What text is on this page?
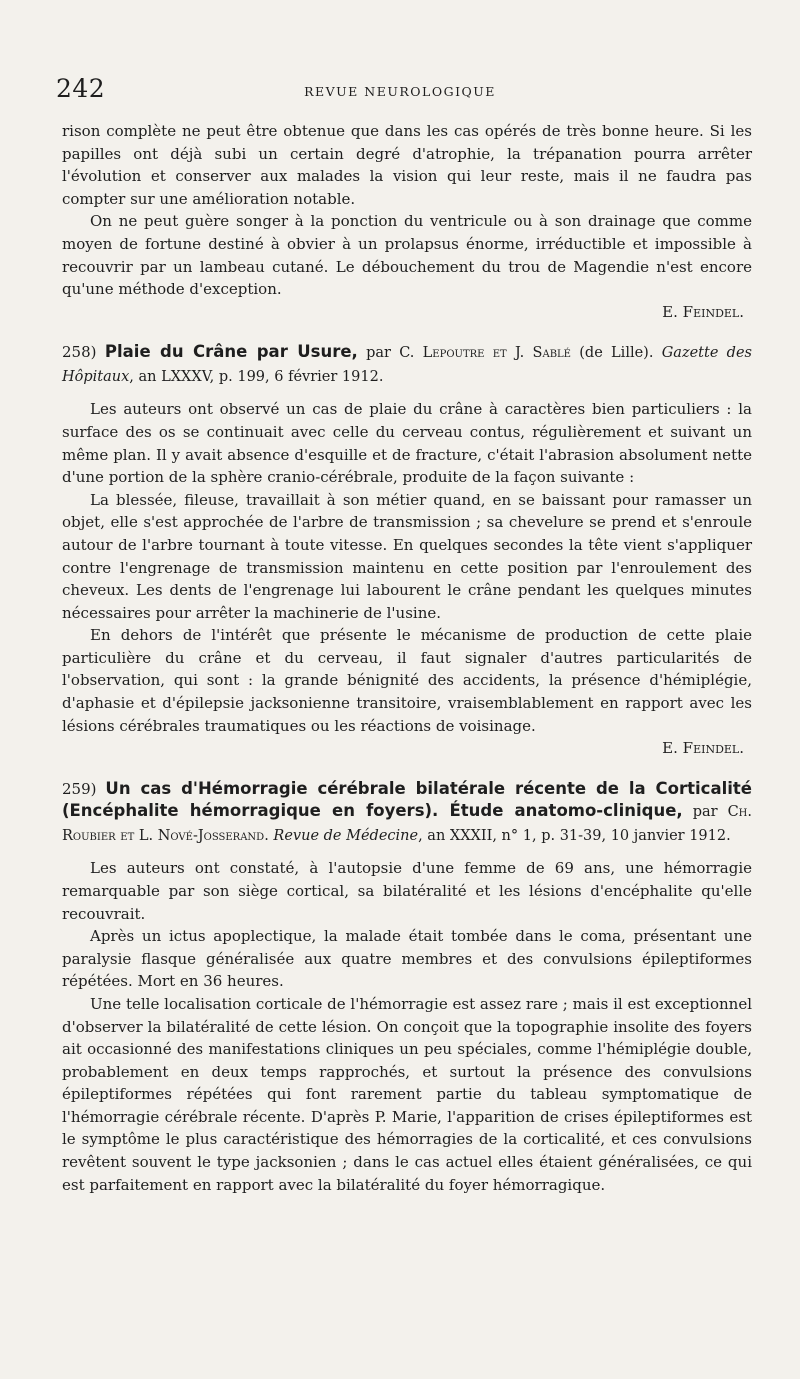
242	REVUE NEUROLOGIQUE

rison complète ne peut être obtenue que dans les cas opérés de très bonne heure. Si les papilles ont déjà subi un certain degré d'atrophie, la trépanation pourra arrêter l'évolution et conserver aux malades la vision qui leur reste, mais il ne faudra pas compter sur une amélioration notable.

On ne peut guère songer à la ponction du ventricule ou à son drainage que comme moyen de fortune destiné à obvier à un prolapsus énorme, irréductible et impossible à recouvrir par un lambeau cutané. Le débouchement du trou de Magendie n'est encore qu'une méthode d'exception.

E. Feindel.

258) Plaie du Crâne par Usure, par C. Lepoutre et J. Sablé (de Lille). Gazette des Hôpitaux, an LXXXV, p. 199, 6 février 1912.

Les auteurs ont observé un cas de plaie du crâne à caractères bien particuliers : la surface des os se continuait avec celle du cerveau contus, régulièrement et suivant un même plan. Il y avait absence d'esquille et de fracture, c'était l'abrasion absolument nette d'une portion de la sphère cranio-cérébrale, produite de la façon suivante :

La blessée, fileuse, travaillait à son métier quand, en se baissant pour ramasser un objet, elle s'est approchée de l'arbre de transmission ; sa chevelure se prend et s'enroule autour de l'arbre tournant à toute vitesse. En quelques secondes la tête vient s'appliquer contre l'engrenage de transmission maintenu en cette position par l'enroulement des cheveux. Les dents de l'engrenage lui labourent le crâne pendant les quelques minutes nécessaires pour arrêter la machinerie de l'usine.

En dehors de l'intérêt que présente le mécanisme de production de cette plaie particulière du crâne et du cerveau, il faut signaler d'autres particularités de l'observation, qui sont : la grande bénignité des accidents, la présence d'hémiplégie, d'aphasie et d'épilepsie jacksonienne transitoire, vraisemblablement en rapport avec les lésions cérébrales traumatiques ou les réactions de voisinage.

E. Feindel.

259) Un cas d'Hémorragie cérébrale bilatérale récente de la Corticalité (Encéphalite hémorragique en foyers). Étude anatomo-clinique, par Ch. Roubier et L. Nové-Josserand. Revue de Médecine, an XXXII, n° 1, p. 31-39, 10 janvier 1912.

Les auteurs ont constaté, à l'autopsie d'une femme de 69 ans, une hémorragie remarquable par son siège cortical, sa bilatéralité et les lésions d'encéphalite qu'elle recouvrait.

Après un ictus apoplectique, la malade était tombée dans le coma, présentant une paralysie flasque généralisée aux quatre membres et des convulsions épileptiformes répétées. Mort en 36 heures.

Une telle localisation corticale de l'hémorragie est assez rare ; mais il est exceptionnel d'observer la bilatéralité de cette lésion. On conçoit que la topographie insolite des foyers ait occasionné des manifestations cliniques un peu spéciales, comme l'hémiplégie double, probablement en deux temps rapprochés, et surtout la présence des convulsions épileptiformes répétées qui font rarement partie du tableau symptomatique de l'hémorragie cérébrale récente. D'après P. Marie, l'apparition de crises épileptiformes est le symptôme le plus caractéristique des hémorragies de la corticalité, et ces convulsions revêtent souvent le type jacksonien ; dans le cas actuel elles étaient généralisées, ce qui est parfaitement en rapport avec la bilatéralité du foyer hémorragique.
